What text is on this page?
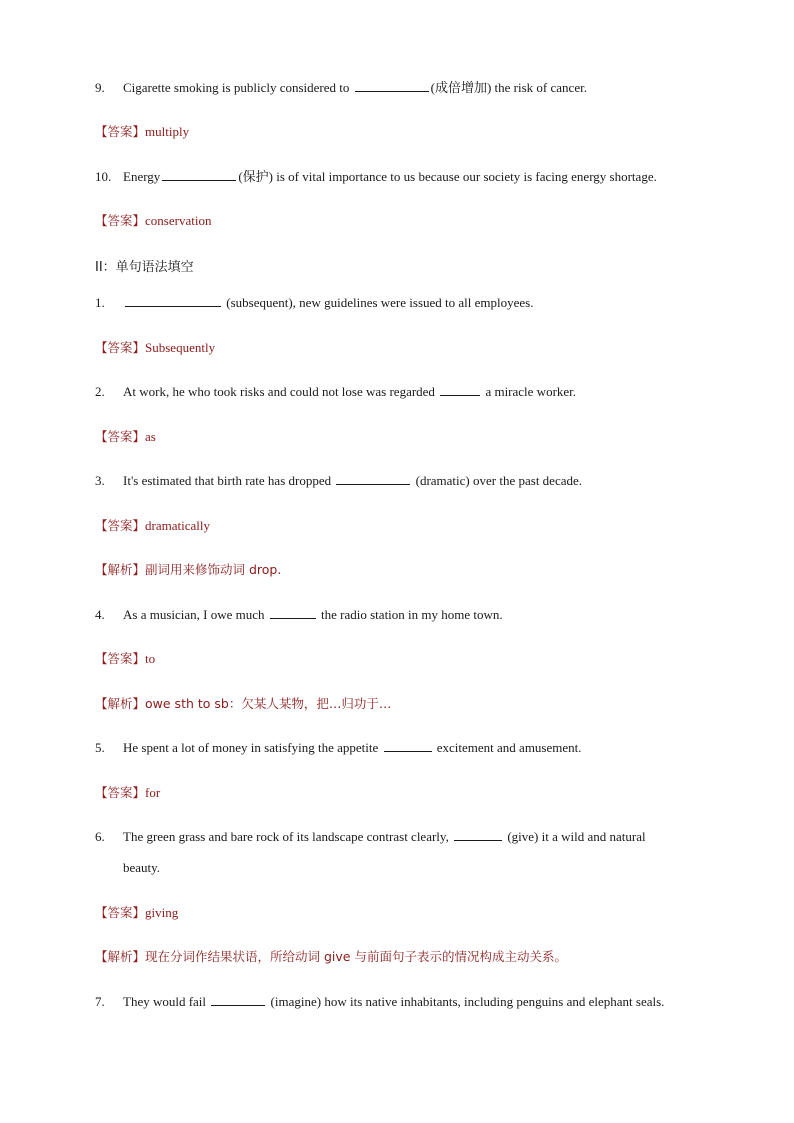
9. Cigarette smoking is publicly considered to	(成倍增加) the risk of cancer.
【答案】multiply
10. Energy	(保护) is of vital importance to us because our society is facing energy shortage.
【答案】conservation
II：单句语法填空
1.	(subsequent), new guidelines were issued to all employees.
【答案】Subsequently
2. At work, he who took risks and could not lose was regarded	a miracle worker.
【答案】as
3. It's estimated that birth rate has dropped	(dramatic) over the past decade.
【答案】dramatically
【解析】副词用来修饰动词 drop.
4. As a musician, I owe much	the radio station in my home town.
【答案】to
【解析】owe sth to sb：欠某人某物，把…归功于…
5. He spent a lot of money in satisfying the appetite	excitement and amusement.
【答案】for
6. The green grass and bare rock of its landscape contrast clearly,	(give) it a wild and natural
beauty.
【答案】giving
【解析】现在分词作结果状语，所给动词 give 与前面句子表示的情况构成主动关系。
7. They would fail	(imagine) how its native inhabitants, including penguins and elephant seals.
